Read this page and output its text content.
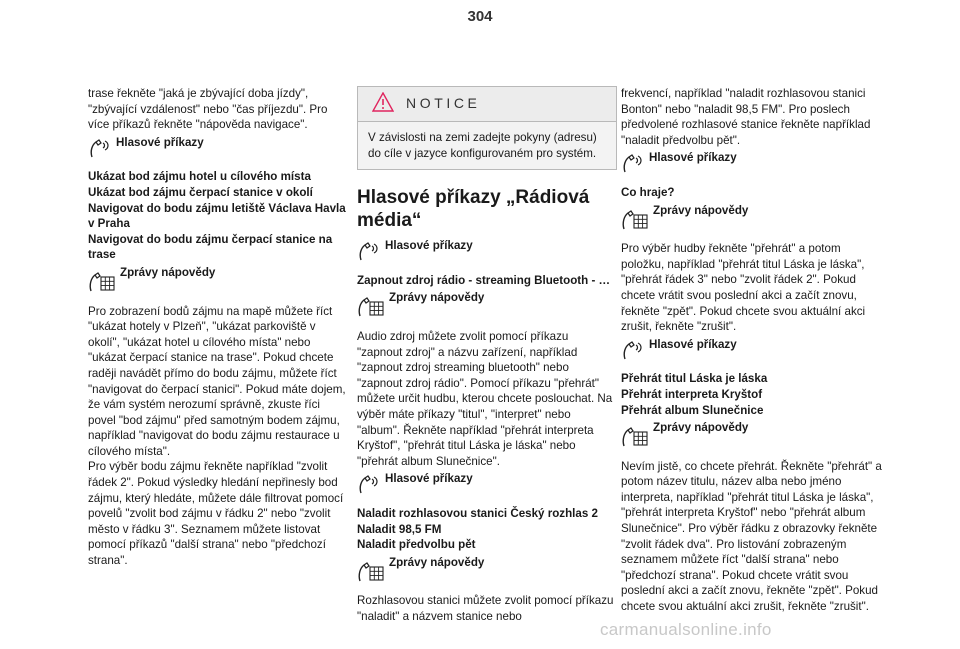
304

trase řekněte "jaká je zbývající doba jízdy", "zbývající vzdálenost" nebo "čas příjezdu". Pro více příkazů řekněte "nápověda navigace".

Hlasové příkazy

Ukázat bod zájmu hotel u cílového místa

Ukázat bod zájmu čerpací stanice v okolí

Navigovat do bodu zájmu letiště Václava Havla v Praha

Navigovat do bodu zájmu čerpací stanice na trase

Zprávy nápovědy

Pro zobrazení bodů zájmu na mapě můžete říct "ukázat hotely v Plzeň", "ukázat parkoviště v okolí", "ukázat hotel u cílového místa" nebo "ukázat čerpací stanice na trase". Pokud chcete raději navádět přímo do bodu zájmu, můžete říct "navigovat do čerpací stanici". Pokud máte dojem, že vám systém nerozumí správně, zkuste říci povel "bod zájmu" před samotným bodem zájmu, například "navigovat do bodu zájmu restaurace u cílového místa".

Pro výběr bodu zájmu řekněte například "zvolit řádek 2". Pokud výsledky hledání nepřinesly bod zájmu, který hledáte, můžete dále filtrovat pomocí povelů "zvolit bod zájmu v řádku 2" nebo "zvolit město v řádku 3". Seznamem můžete listovat pomocí příkazů "další strana" nebo "předchozí strana".

NOTICE
V závislosti na zemi zadejte pokyny (adresu) do cíle v jazyce konfigurovaném pro systém.
Hlasové příkazy „Rádiová média“
Hlasové příkazy

Zapnout zdroj rádio - streaming Bluetooth - …

Zprávy nápovědy

Audio zdroj můžete zvolit pomocí příkazu "zapnout zdroj" a názvu zařízení, například "zapnout zdroj streaming bluetooth" nebo "zapnout zdroj rádio". Pomocí příkazu "přehrát" můžete určit hudbu, kterou chcete poslouchat. Na výběr máte příkazy "titul", "interpret" nebo "album". Řekněte například "přehrát interpreta Kryštof", "přehrát titul Láska je láska" nebo "přehrát album Slunečnice".

Hlasové příkazy

Naladit rozhlasovou stanici Český rozhlas 2

Naladit 98,5 FM

Naladit předvolbu pět

Zprávy nápovědy

Rozhlasovou stanici můžete zvolit pomocí příkazu "naladit" a názvem stanice nebo

frekvencí, například "naladit rozhlasovou stanici Bonton" nebo "naladit 98,5 FM". Pro poslech předvolené rozhlasové stanice řekněte například "naladit předvolbu pět".

Hlasové příkazy

Co hraje?

Zprávy nápovědy

Pro výběr hudby řekněte "přehrát" a potom položku, například "přehrát titul Láska je láska", "přehrát řádek 3" nebo "zvolit řádek 2". Pokud chcete vrátit svou poslední akci a začít znovu, řekněte "zpět". Pokud chcete svou aktuální akci zrušit, řekněte "zrušit".

Hlasové příkazy

Přehrát titul Láska je láska

Přehrát interpreta Kryštof

Přehrát album Slunečnice

Zprávy nápovědy

Nevím jistě, co chcete přehrát. Řekněte "přehrát" a potom název titulu, název alba nebo jméno interpreta, například "přehrát titul Láska je láska", "přehrát interpreta Kryštof" nebo "přehrát album Slunečnice". Pro výběr řádku z obrazovky řekněte "zvolit řádek dva". Pro listování zobrazeným seznamem můžete říct "další strana" nebo "předchozí strana". Pokud chcete vrátit svou poslední akci a začít znovu, řekněte "zpět". Pokud chcete svou aktuální akci zrušit, řekněte "zrušit".

carmanualsonline.info
